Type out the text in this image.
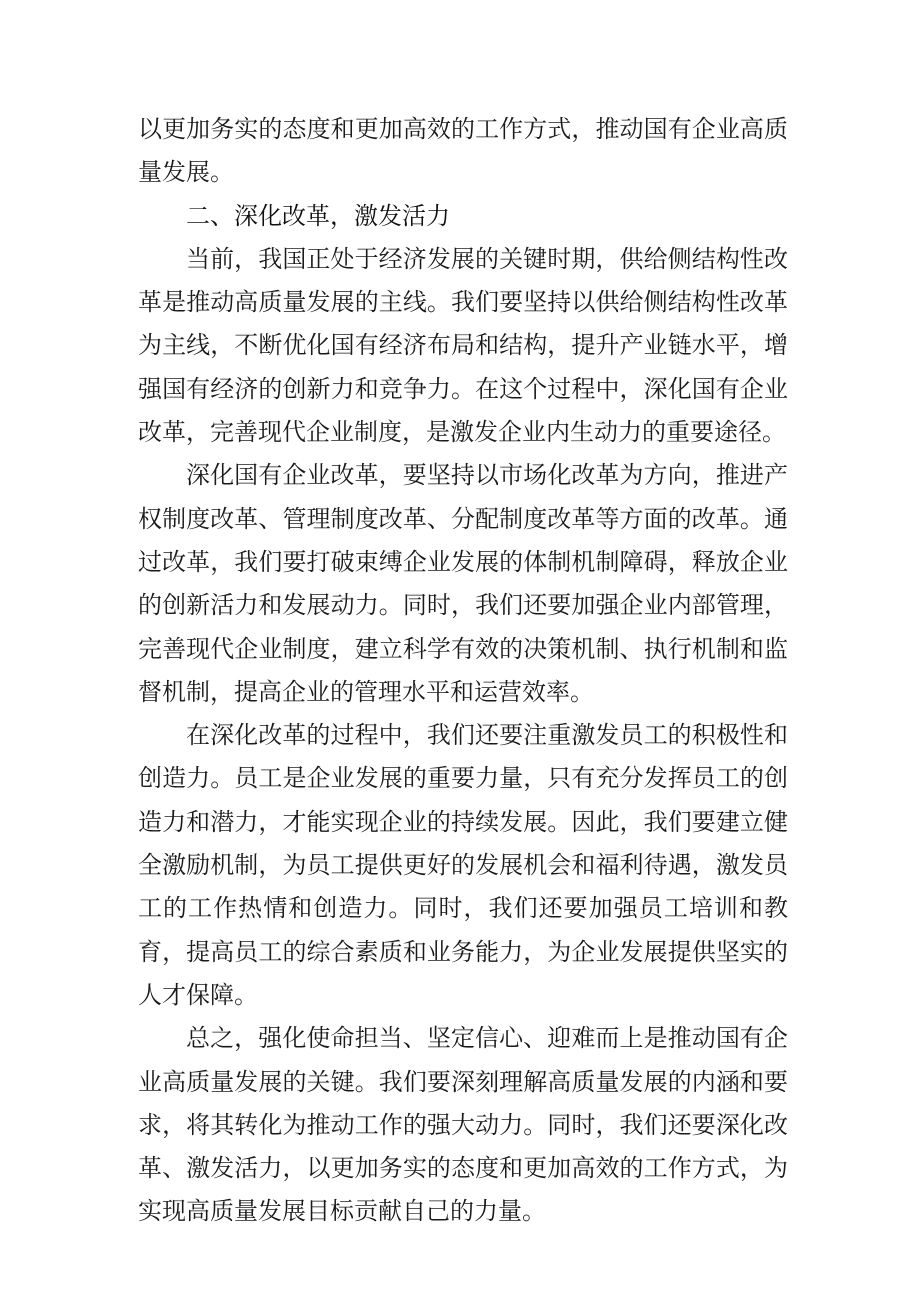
以更加务实的态度和更加高效的工作方式，推动国有企业高质量发展。

二、深化改革，激发活力

当前，我国正处于经济发展的关键时期，供给侧结构性改革是推动高质量发展的主线。我们要坚持以供给侧结构性改革为主线，不断优化国有经济布局和结构，提升产业链水平，增强国有经济的创新力和竞争力。在这个过程中，深化国有企业改革，完善现代企业制度，是激发企业内生动力的重要途径。

深化国有企业改革，要坚持以市场化改革为方向，推进产权制度改革、管理制度改革、分配制度改革等方面的改革。通过改革，我们要打破束缚企业发展的体制机制障碍，释放企业的创新活力和发展动力。同时，我们还要加强企业内部管理，完善现代企业制度，建立科学有效的决策机制、执行机制和监督机制，提高企业的管理水平和运营效率。

在深化改革的过程中，我们还要注重激发员工的积极性和创造力。员工是企业发展的重要力量，只有充分发挥员工的创造力和潜力，才能实现企业的持续发展。因此，我们要建立健全激励机制，为员工提供更好的发展机会和福利待遇，激发员工的工作热情和创造力。同时，我们还要加强员工培训和教育，提高员工的综合素质和业务能力，为企业发展提供坚实的人才保障。

总之，强化使命担当、坚定信心、迎难而上是推动国有企业高质量发展的关键。我们要深刻理解高质量发展的内涵和要求，将其转化为推动工作的强大动力。同时，我们还要深化改革、激发活力，以更加务实的态度和更加高效的工作方式，为实现高质量发展目标贡献自己的力量。
